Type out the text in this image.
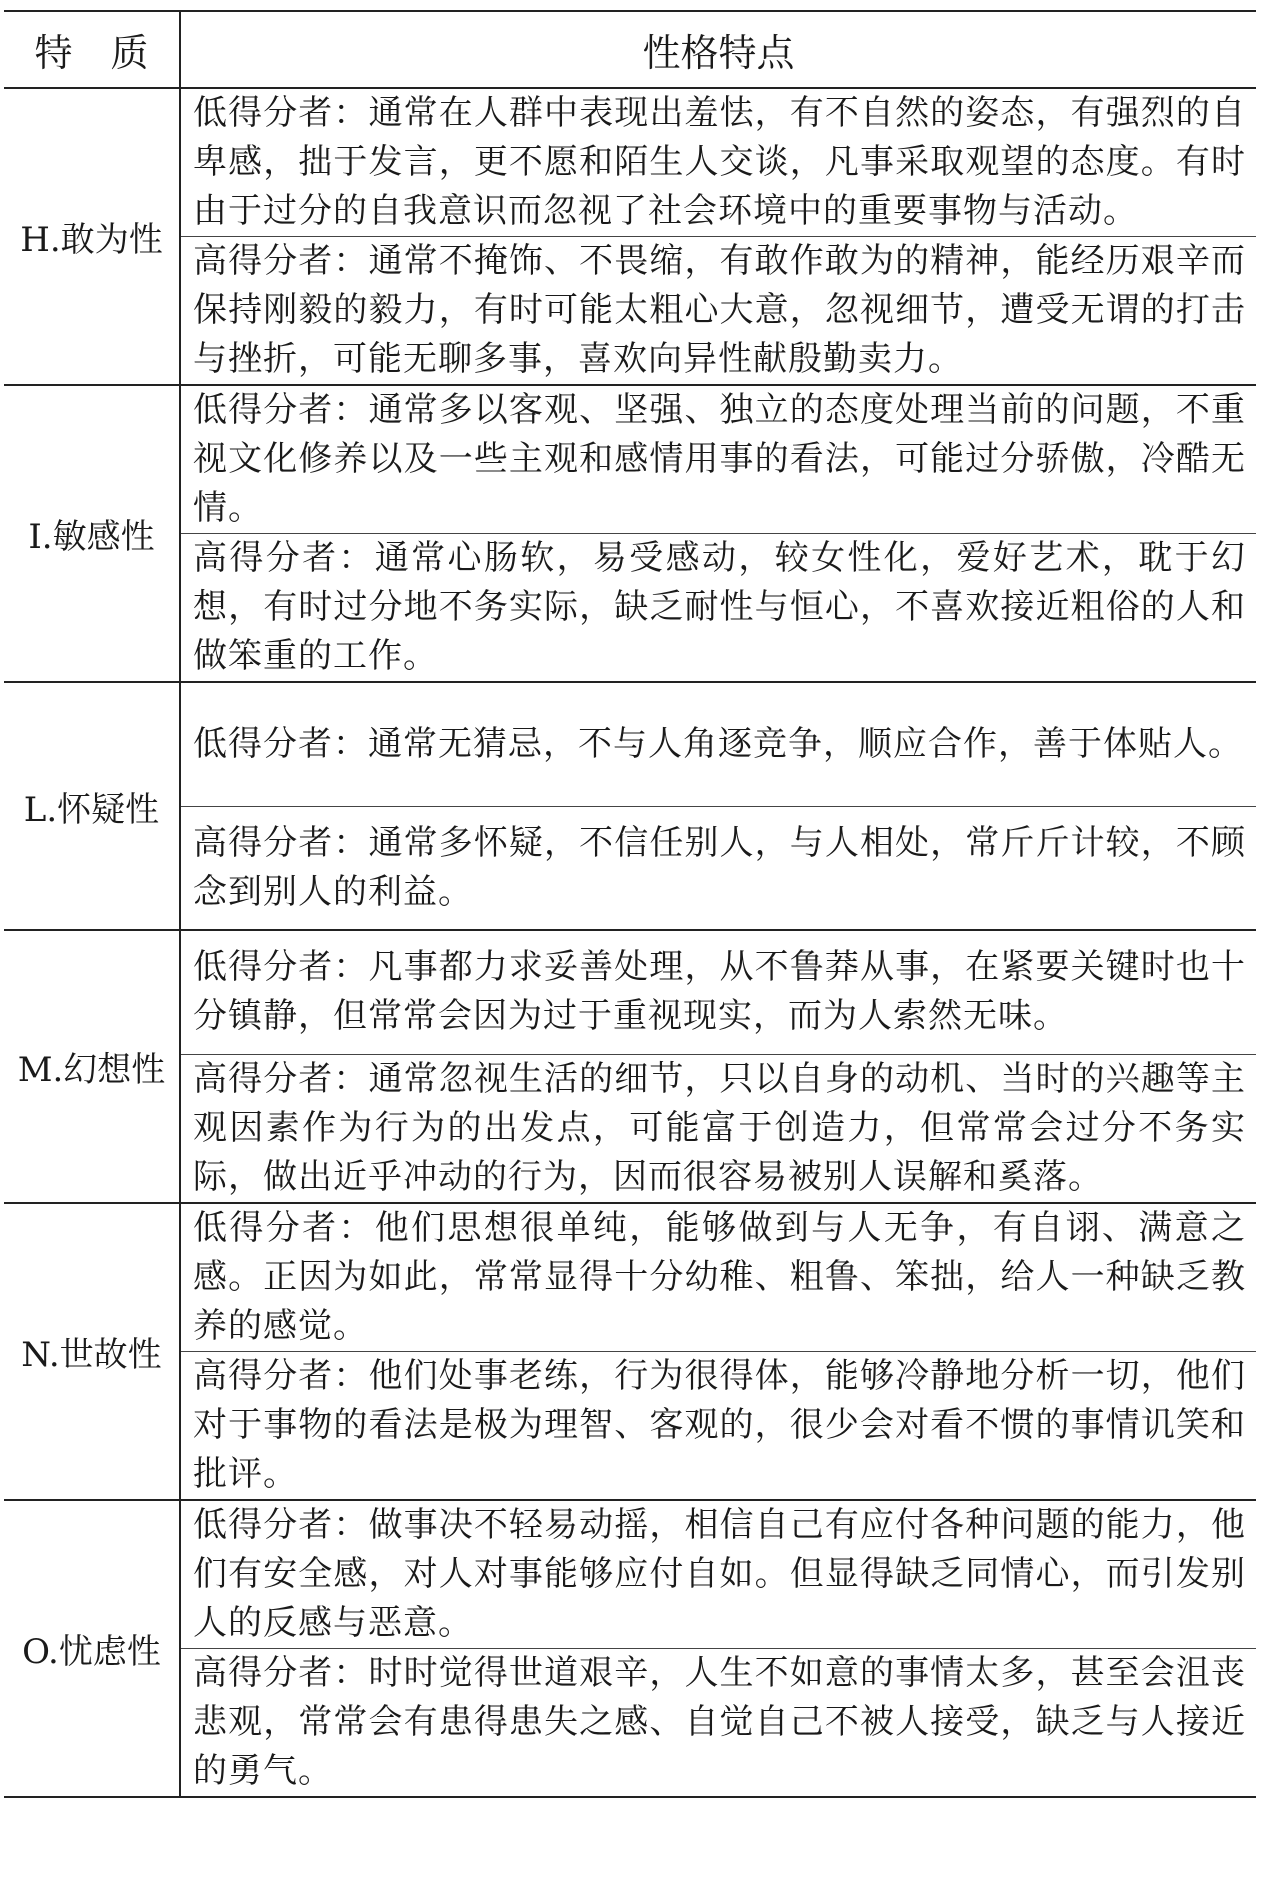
特　质	性格特点
H.敢为性	低得分者：通常在人群中表现出羞怯，有不自然的姿态，有强烈的自卑感，拙于发言，更不愿和陌生人交谈，凡事采取观望的态度。有时由于过分的自我意识而忽视了社会环境中的重要事物与活动。
	高得分者：通常不掩饰、不畏缩，有敢作敢为的精神，能经历艰辛而保持刚毅的毅力，有时可能太粗心大意，忽视细节，遭受无谓的打击与挫折，可能无聊多事，喜欢向异性献殷勤卖力。
I.敏感性	低得分者：通常多以客观、坚强、独立的态度处理当前的问题，不重视文化修养以及一些主观和感情用事的看法，可能过分骄傲，冷酷无情。
	高得分者：通常心肠软，易受感动，较女性化，爱好艺术，耽于幻想，有时过分地不务实际，缺乏耐性与恒心，不喜欢接近粗俗的人和做笨重的工作。
L.怀疑性	低得分者：通常无猜忌，不与人角逐竞争，顺应合作，善于体贴人。
	高得分者：通常多怀疑，不信任别人，与人相处，常斤斤计较，不顾念到别人的利益。
M.幻想性	低得分者：凡事都力求妥善处理，从不鲁莽从事，在紧要关键时也十分镇静，但常常会因为过于重视现实，而为人索然无味。
	高得分者：通常忽视生活的细节，只以自身的动机、当时的兴趣等主观因素作为行为的出发点，可能富于创造力，但常常会过分不务实际，做出近乎冲动的行为，因而很容易被别人误解和奚落。
N.世故性	低得分者：他们思想很单纯，能够做到与人无争，有自诩、满意之感。正因为如此，常常显得十分幼稚、粗鲁、笨拙，给人一种缺乏教养的感觉。
	高得分者：他们处事老练，行为很得体，能够冷静地分析一切，他们对于事物的看法是极为理智、客观的，很少会对看不惯的事情讥笑和批评。
O.忧虑性	低得分者：做事决不轻易动摇，相信自己有应付各种问题的能力，他们有安全感，对人对事能够应付自如。但显得缺乏同情心，而引发别人的反感与恶意。
	高得分者：时时觉得世道艰辛，人生不如意的事情太多，甚至会沮丧悲观，常常会有患得患失之感、自觉自己不被人接受，缺乏与人接近的勇气。
